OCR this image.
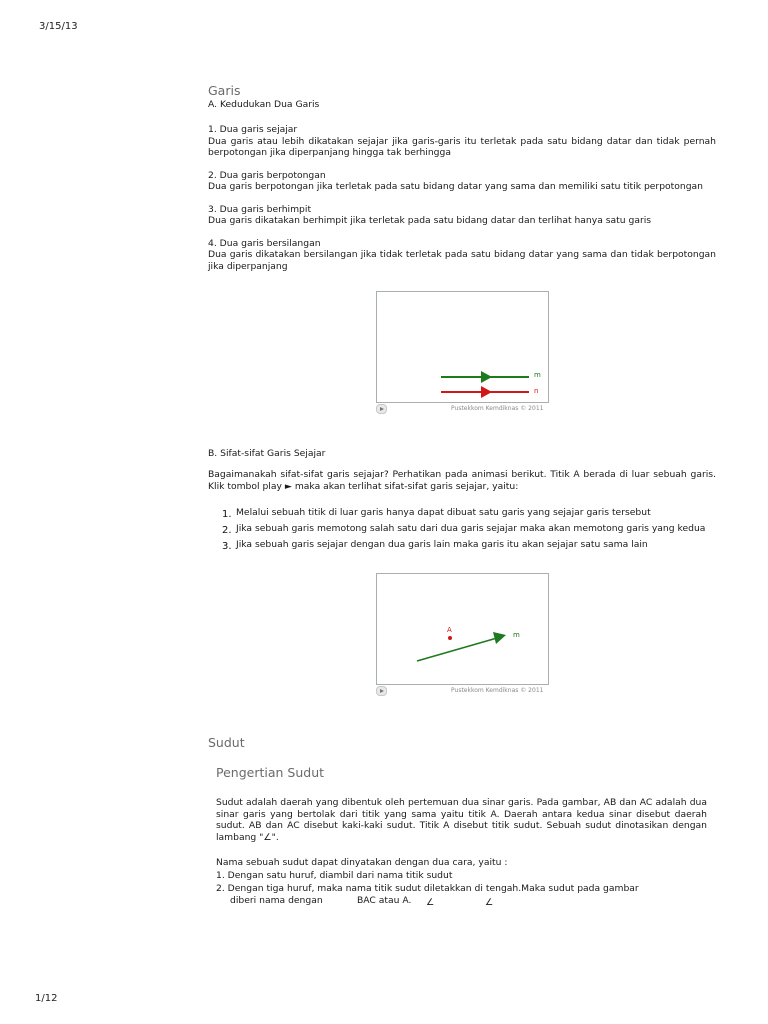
3/15/13
1/12
Garis
A. Kedudukan Dua Garis
1. Dua garis sejajar
Dua garis atau lebih dikatakan sejajar jika garis-garis itu terletak pada satu bidang datar dan tidak pernah berpotongan jika diperpanjang hingga tak berhingga
2. Dua garis berpotongan
Dua garis berpotongan jika terletak pada satu bidang datar yang sama dan memiliki satu titik perpotongan
3. Dua garis berhimpit
Dua garis dikatakan berhimpit jika terletak pada satu bidang datar dan terlihat hanya satu garis
4. Dua garis bersilangan
Dua garis dikatakan bersilangan jika tidak terletak pada satu bidang datar yang sama dan tidak berpotongan jika diperpanjang
m
n
Pustekkom Kemdiknas © 2011
B. Sifat-sifat Garis Sejajar
Bagaimanakah sifat-sifat garis sejajar? Perhatikan pada animasi berikut. Titik A berada di luar sebuah garis. Klik tombol play ► maka akan terlihat sifat-sifat garis sejajar, yaitu:
1. Melalui sebuah titik di luar garis hanya dapat dibuat satu garis yang sejajar garis tersebut
2. Jika sebuah garis memotong salah satu dari dua garis sejajar maka akan memotong garis yang kedua
3. Jika sebuah garis sejajar dengan dua garis lain maka garis itu akan sejajar satu sama lain
A
m
Pustekkom Kemdiknas © 2011
Sudut
Pengertian Sudut
Sudut adalah daerah yang dibentuk oleh pertemuan dua sinar garis. Pada gambar, AB dan AC adalah dua sinar garis yang bertolak dari titik yang sama yaitu titik A. Daerah antara kedua sinar disebut daerah sudut. AB dan AC disebut kaki-kaki sudut. Titik A disebut titik sudut. Sebuah sudut dinotasikan dengan lambang "∠".
Nama sebuah sudut dapat dinyatakan dengan dua cara, yaitu :
1. Dengan satu huruf, diambil dari nama titik sudut
2. Dengan tiga huruf, maka nama titik sudut diletakkan di tengah.Maka sudut pada gambar
diberi nama dengan	BAC atau A. ∠	∠
